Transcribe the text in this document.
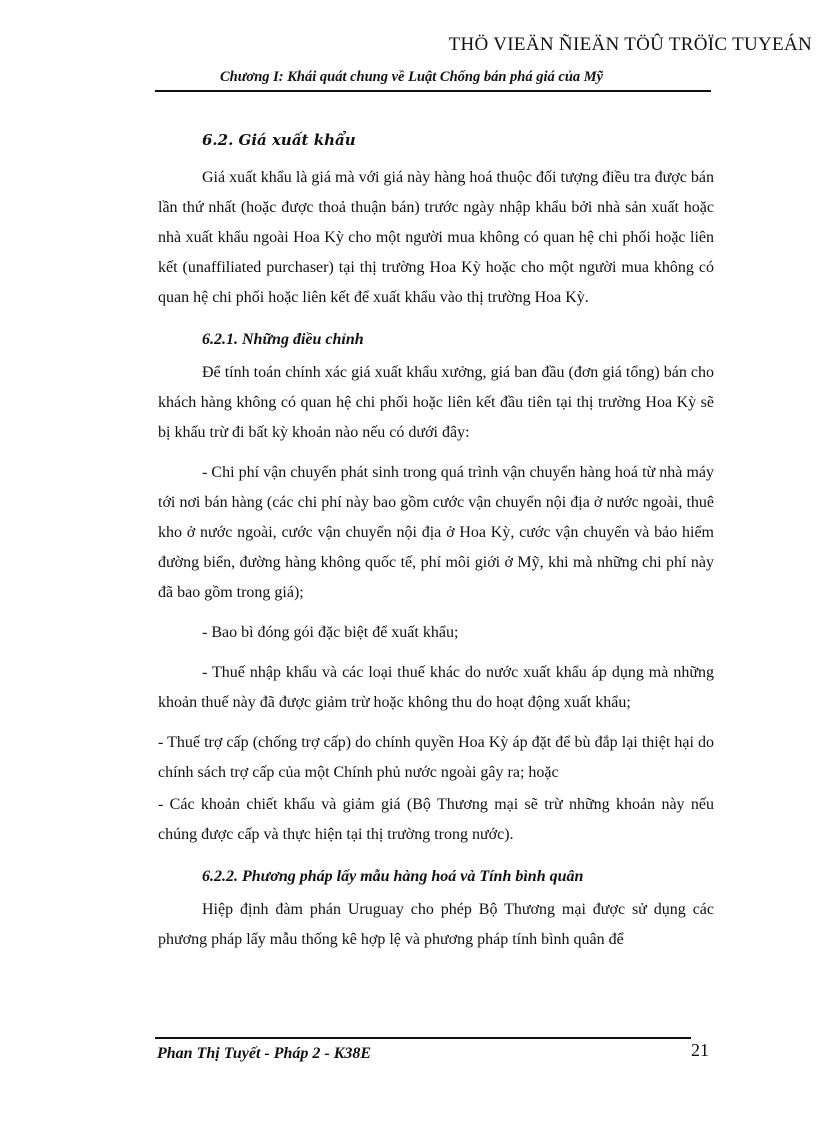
THÖ VIEÄN ÑIEÄN TÖÛ TRÖÏC TUYEÁN
Chương I: Khái quát chung về Luật Chống bán phá giá của Mỹ
6.2. Giá xuất khẩu

Giá xuất khẩu là giá mà với giá này hàng hoá thuộc đối tượng điều tra được bán lần thứ nhất (hoặc được thoả thuận bán) trước ngày nhập khẩu bởi nhà sản xuất hoặc nhà xuất khẩu ngoài Hoa Kỳ cho một người mua không có quan hệ chi phối hoặc liên kết (unaffiliated purchaser) tại thị trường Hoa Kỳ hoặc cho một người mua không có quan hệ chi phối hoặc liên kết để xuất khẩu vào thị trường Hoa Kỳ.

6.2.1. Những điều chỉnh

Để tính toán chính xác giá xuất khẩu xưởng, giá ban đầu (đơn giá tổng) bán cho khách hàng không có quan hệ chi phối hoặc liên kết đầu tiên tại thị trường Hoa Kỳ sẽ bị khấu trừ đi bất kỳ khoản nào nếu có dưới đây:

- Chi phí vận chuyển phát sinh trong quá trình vận chuyển hàng hoá từ nhà máy tới nơi bán hàng (các chi phí này bao gồm cước vận chuyển nội địa ở nước ngoài, thuê kho ở nước ngoài, cước vận chuyển nội địa ở Hoa Kỳ, cước vận chuyển và bảo hiểm đường biển, đường hàng không quốc tế, phí môi giới ở Mỹ, khi mà những chi phí này đã bao gồm trong giá);

- Bao bì đóng gói đặc biệt để xuất khẩu;

- Thuế nhập khẩu và các loại thuế khác do nước xuất khẩu áp dụng mà những khoản thuế này đã được giảm trừ hoặc không thu do hoạt động xuất khẩu;

- Thuế trợ cấp (chống trợ cấp) do chính quyền Hoa Kỳ áp đặt để bù đắp lại thiệt hại do chính sách trợ cấp của một Chính phủ nước ngoài gây ra; hoặc

- Các khoản chiết khấu và giảm giá (Bộ Thương mại sẽ trừ những khoản này nếu chúng được cấp và thực hiện tại thị trường trong nước).

6.2.2. Phương pháp lấy mẫu hàng hoá và Tính bình quân

Hiệp định đàm phán Uruguay cho phép Bộ Thương mại được sử dụng các phương pháp lấy mẫu thống kê hợp lệ và phương pháp tính bình quân để

Phan Thị Tuyết - Pháp 2 - K38E	21
